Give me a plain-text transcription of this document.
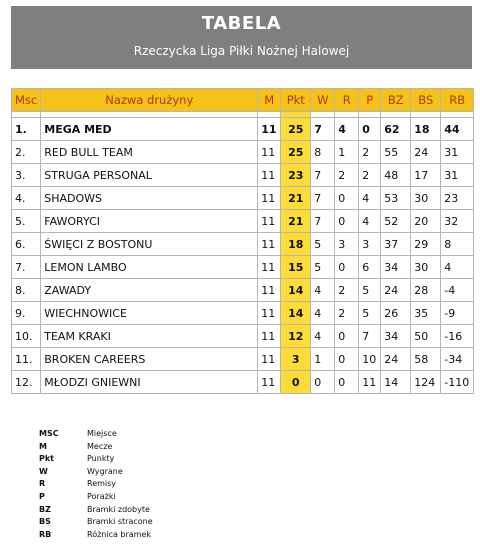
TABELA
Rzeczycka Liga Piłki Nożnej Halowej
Msc	Nazwa drużyny	M	Pkt	W	R	P	BZ	BS	RB

1.	MEGA MED	11	25	7	4	0	62	18	44
2.	RED BULL TEAM	11	25	8	1	2	55	24	31
3.	STRUGA PERSONAL	11	23	7	2	2	48	17	31
4.	SHADOWS	11	21	7	0	4	53	30	23
5.	FAWORYCI	11	21	7	0	4	52	20	32
6.	ŚWIĘCI Z BOSTONU	11	18	5	3	3	37	29	8
7.	LEMON LAMBO	11	15	5	0	6	34	30	4
8.	ZAWADY	11	14	4	2	5	24	28	-4
9.	WIECHNOWICE	11	14	4	2	5	26	35	-9
10.	TEAM KRAKI	11	12	4	0	7	34	50	-16
11.	BROKEN CAREERS	11	3	1	0	10	24	58	-34
12.	MŁODZI GNIEWNI	11	0	0	0	11	14	124	-110
MSC	Miejsce
M	Mecze
Pkt	Punkty
W	Wygrane
R	Remisy
P	Porażki
BZ	Bramki zdobyte
BS	Bramki stracone
RB	Różnica bramek
